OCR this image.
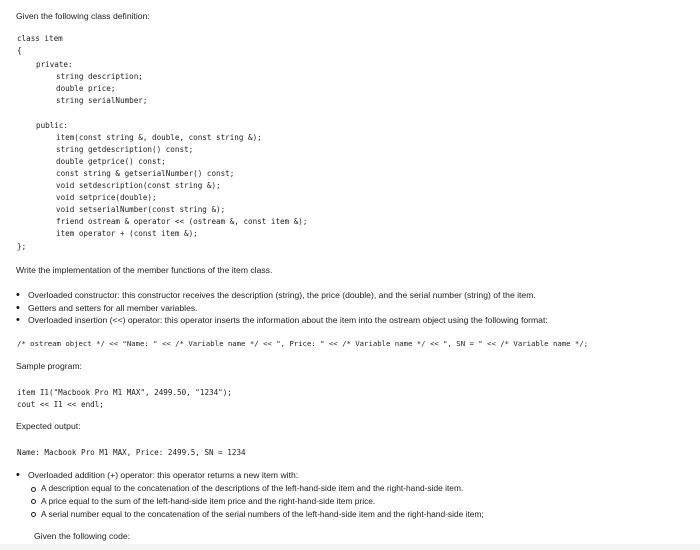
Given the following class definition:
class item
{
private:
string description;
double price;
string serialNumber;
public:
item(const string &, double, const string &);
string getdescription() const;
double getprice() const;
const string & getserialNumber() const;
void setdescription(const string &);
void setprice(double);
void setserialNumber(const string &);
friend ostream & operator << (ostream &, const item &);
item operator + (const item &);
};
Write the implementation of the member functions of the item class.
• Overloaded constructor: this constructor receives the description (string), the price (double), and the serial number (string) of the item.
• Getters and setters for all member variables.
• Overloaded insertion (<<) operator: this operator inserts the information about the item into the ostream object using the following format:
/* ostream object */ << "Name: " << /* Variable name */ << ", Price: " << /* Variable name */ << ", SN = " << /* Variable name */;
Sample program:
item I1("Macbook Pro M1 MAX", 2499.50, "1234");
cout << I1 << endl;
Expected output:
Name: Macbook Pro M1 MAX, Price: 2499.5, SN = 1234
• Overloaded addition (+) operator: this operator returns a new item with:
A description equal to the concatenation of the descriptions of the left-hand-side item and the right-hand-side item.
A price equal to the sum of the left-hand-side item price and the right-hand-side item price.
A serial number equal to the concatenation of the serial numbers of the left-hand-side item and the right-hand-side item;
Given the following code:
